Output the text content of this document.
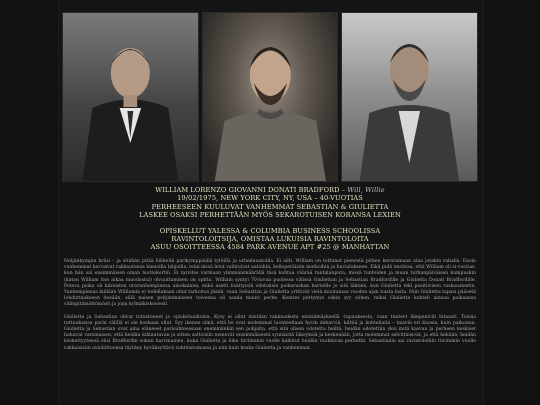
WILLIAM LORENZO GIOVANNI DONATI BRADFORD – Will, Willie
19/02/1975, NEW YORK CITY, NY, USA – 40-VUOTIAS
PERHEESEEN KUULUVAT VANHEMMAT SEBASTIAN & GIULIETTA
LASKEE OSAKSI PERHETTÄÄN MYÖS SEKAROTUISEN KORANSA LEXIEN
OPISKELLUT YALESSA & COLUMBIA BUSINESS SCHOOLISSA
RAVINTOLOITSIJA, OMISTAA LUKUISIA RAVINTOLOITA
ASUU OSOITTEESSA 4584 PARK AVENUE APT #25 @ MANHATTAN

Neljänkympin kriisi – ja sitähän pitää liikkeitä parikymppisillä tytöillä ja urheiluautoilla. Ei silti. William on tottunut pienestä pitäen keravamaan aina jotakin rahalla. Ensin vanhemmat karvaivat rakkautensa hienoilla lahjoilla, teini-iässä lelut vaihtuivat autoihin, kelloperäisiin matkoihin ja huvialukseen. Eikä pidä unohtaa, että William oli si-vuotias, kun hän sai ensimmäisen oman luottokortin. Ei tarvitse varmaan ylimmäismäärällä täsä kohtaa väärää rantalanputa, missä tuntoiden ja muun turhanpäiväisen kumpuskin (katon William itse aikaa muodostui) olvuuttaminen on opittu. William syntyi 70-luvun puolessa välissä Giuliettan ja Sebastian Bradfordille ja Giulietta Donati Bradfordille. Poteva poika oli kiireisten uravanhempiensa ainokainen, mikä asetti lisättyistä odotuksia poikaruskan harteille jo sitä läktien, kun Giulietta teki positiivisen raskaustestin. Vanhempiensa kiillään Williamin ei todellakaan ollut tarkoitus jäädä, vaan Sebastian ja Giulietta yrittivät vielä muutaman vuoden ajan toista lasta. Niin Giulietta tapasi pääsetä lohduttaakseen itseään, sillä naisen pohjimmaiseen toiveena oli saada muuri perhe. Kenties pettymys oskin syy siihen, miksi Giulietta kohteli ainoaa poikaansa välinpitämättömästi ja jopa kylmäkiskoisesti.

Giulietta ja Sebastian olivat tutustuneet jo opiskeluaikoina. Kysy ei ollut mistään rakkaudesta ensisilmäyksellä -tapauksesta, vaan tuntevt lämpenivät hitaasti. Toisiia tuttuuksissa parin välillä ei ole koskaan ollut. Syy ikenee siinä, että he ovat molemmat luonteeltaan hyvin dekavviä, kilttiä ja kohteliaita – taisvin eri kuosia, kuin paikoissa. Giulietta ja Sebastian ovat aina eläneeet parisuhteessaan enemmänkin sen pohjalta, että sitä olisen odotettu heiltä; heidän odotettiin yksi mitä kasvaa ja perheen keskiset haluivat varsinaisen, että heidän kihlautuvan ja sitten sattoisiin menevät ensimmäisestä synnäistä liikeyksiä ja keskenään, jotta molemmat selvittäisivät, ja että hekään, heidän keskettyytensä olisi Bradfordin sukun harvinainen, kuka Giulietta ja liike tiiviimmin vuolle kalkitut heidän ruokhivan perhettä. Sebastianin sai ravintoloihin tiivimmin vuolle rakkaisisiin avioliittoonsa täytäny hyväksyttävä suhteistomassa ja niin kuin koska Giulietta ja vanhemmat.
